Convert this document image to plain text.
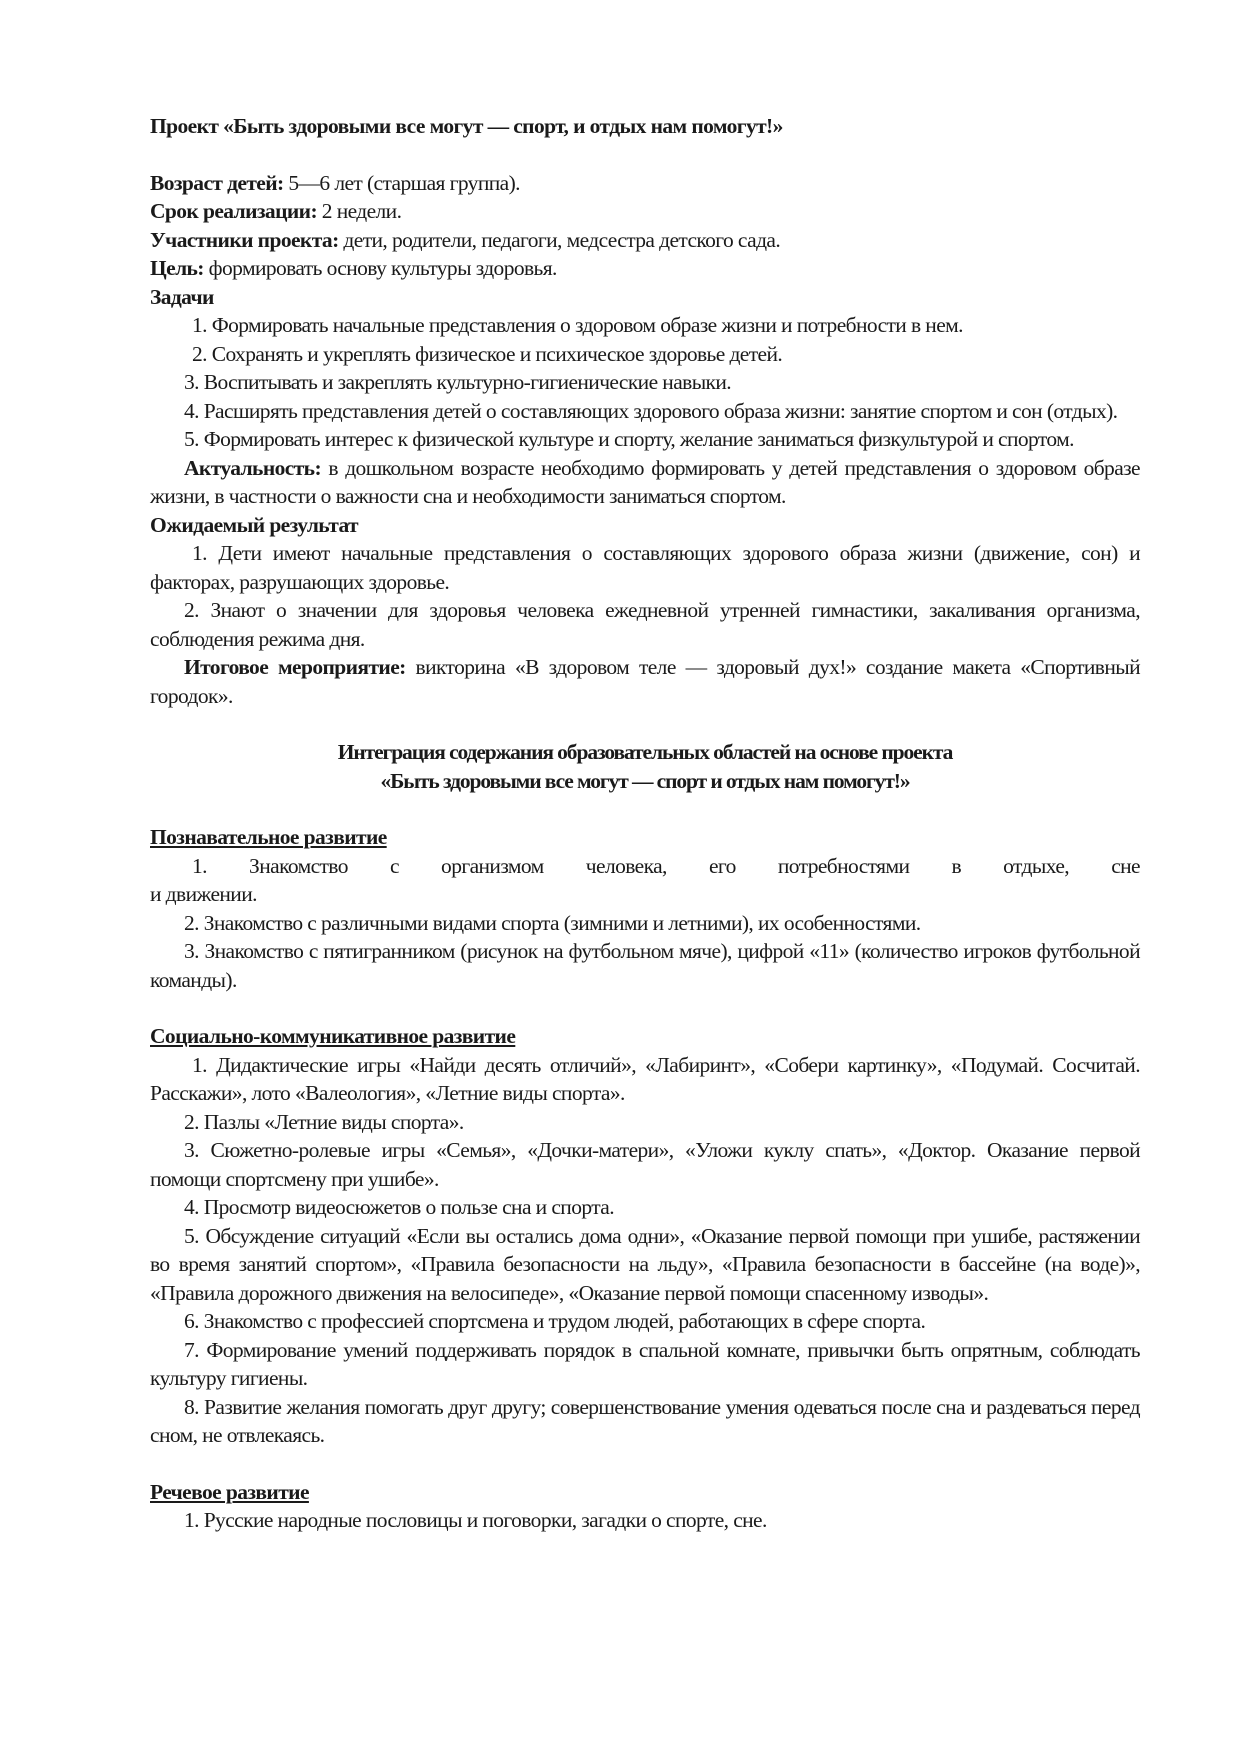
Проект «Быть здоровыми все могут — спорт, и отдых нам помогут!»

Возраст детей: 5—6 лет (старшая группа).

Срок реализации: 2 недели.

Участники проекта: дети, родители, педагоги, медсестра детского сада.

Цель: формировать основу культуры здоровья.

Задачи

1. Формировать начальные представления о здоровом образе жизни и потребности в нем.

2. Сохранять и укреплять физическое и психическое здоровье детей.

3. Воспитывать и закреплять культурно-гигиенические навыки.

4. Расширять представления детей о составляющих здорового образа жизни: занятие спортом и сон (отдых).

5. Формировать интерес к физической культуре и спорту, желание заниматься физкультурой и спортом.

Актуальность: в дошкольном возрасте необходимо формировать у детей представления о здоровом образе жизни, в частности о важности сна и необходимости заниматься спортом.

Ожидаемый результат

1. Дети имеют начальные представления о составляющих здорового образа жизни (движение, сон) и факторах, разрушающих здоровье.

2. Знают о значении для здоровья человека ежедневной утренней гимнастики, закаливания организма, соблюдения режима дня.

Итоговое мероприятие: викторина «В здоровом теле — здоровый дух!» создание макета «Спортивный городок».

Интеграция содержания образовательных областей на основе проекта

«Быть здоровыми все могут — спорт и отдых нам помогут!»

Познавательное развитие

1. Знакомство с организмом человека, его потребностями в отдыхе, сне

и движении.

2. Знакомство с различными видами спорта (зимними и летними), их особенностями.

3. Знакомство с пятигранником (рисунок на футбольном мяче), цифрой «11» (количество игроков футбольной команды).

Социально-коммуникативное развитие

1. Дидактические игры «Найди десять отличий», «Лабиринт», «Собери картинку», «Подумай. Сосчитай. Расскажи», лото «Валеология», «Летние виды спорта».

2. Пазлы «Летние виды спорта».

3. Сюжетно-ролевые игры «Семья», «Дочки-матери», «Уложи куклу спать», «Доктор. Оказание первой помощи спортсмену при ушибе».

4. Просмотр видеосюжетов о пользе сна и спорта.

5. Обсуждение ситуаций «Если вы остались дома одни», «Оказание первой помощи при ушибе, растяжении во время занятий спортом», «Правила безопасности на льду», «Правила безопасности в бассейне (на воде)», «Правила дорожного движения на велосипеде», «Оказание первой помощи спасенному изводы».

6. Знакомство с профессией спортсмена и трудом людей, работающих в сфере спорта.

7. Формирование умений поддерживать порядок в спальной комнате, привычки быть опрятным, соблюдать культуру гигиены.

8. Развитие желания помогать друг другу; совершенствование умения одеваться после сна и раздеваться перед сном, не отвлекаясь.

Речевое развитие

1. Русские народные пословицы и поговорки, загадки о спорте, сне.
